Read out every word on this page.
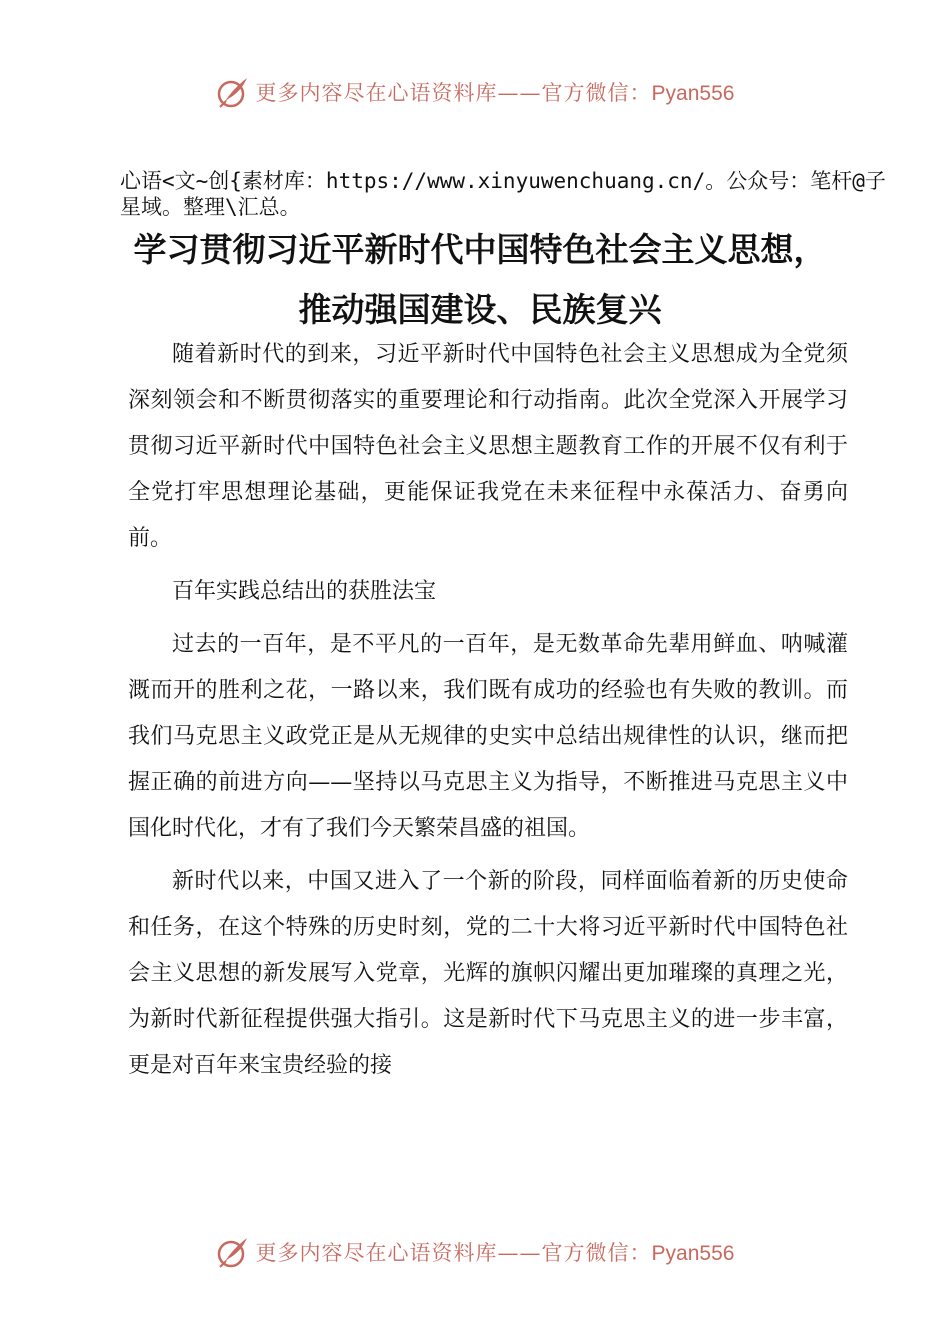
更多内容尽在心语资料库——官方微信：Pyan556
心语<文~创{素材库：https://www.xinyuwenchuang.cn/。公众号：笔杆@子星域。整理\汇总。
学习贯彻习近平新时代中国特色社会主义思想，
推动强国建设、民族复兴

随着新时代的到来，习近平新时代中国特色社会主义思想成为全党须深刻领会和不断贯彻落实的重要理论和行动指南。此次全党深入开展学习贯彻习近平新时代中国特色社会主义思想主题教育工作的开展不仅有利于全党打牢思想理论基础，更能保证我党在未来征程中永葆活力、奋勇向前。

百年实践总结出的获胜法宝

过去的一百年，是不平凡的一百年，是无数革命先辈用鲜血、呐喊灌溉而开的胜利之花，一路以来，我们既有成功的经验也有失败的教训。而我们马克思主义政党正是从无规律的史实中总结出规律性的认识，继而把握正确的前进方向——坚持以马克思主义为指导，不断推进马克思主义中国化时代化，才有了我们今天繁荣昌盛的祖国。

新时代以来，中国又进入了一个新的阶段，同样面临着新的历史使命和任务，在这个特殊的历史时刻，党的二十大将习近平新时代中国特色社会主义思想的新发展写入党章，光辉的旗帜闪耀出更加璀璨的真理之光，为新时代新征程提供强大指引。这是新时代下马克思主义的进一步丰富，更是对百年来宝贵经验的接

更多内容尽在心语资料库——官方微信：Pyan556
